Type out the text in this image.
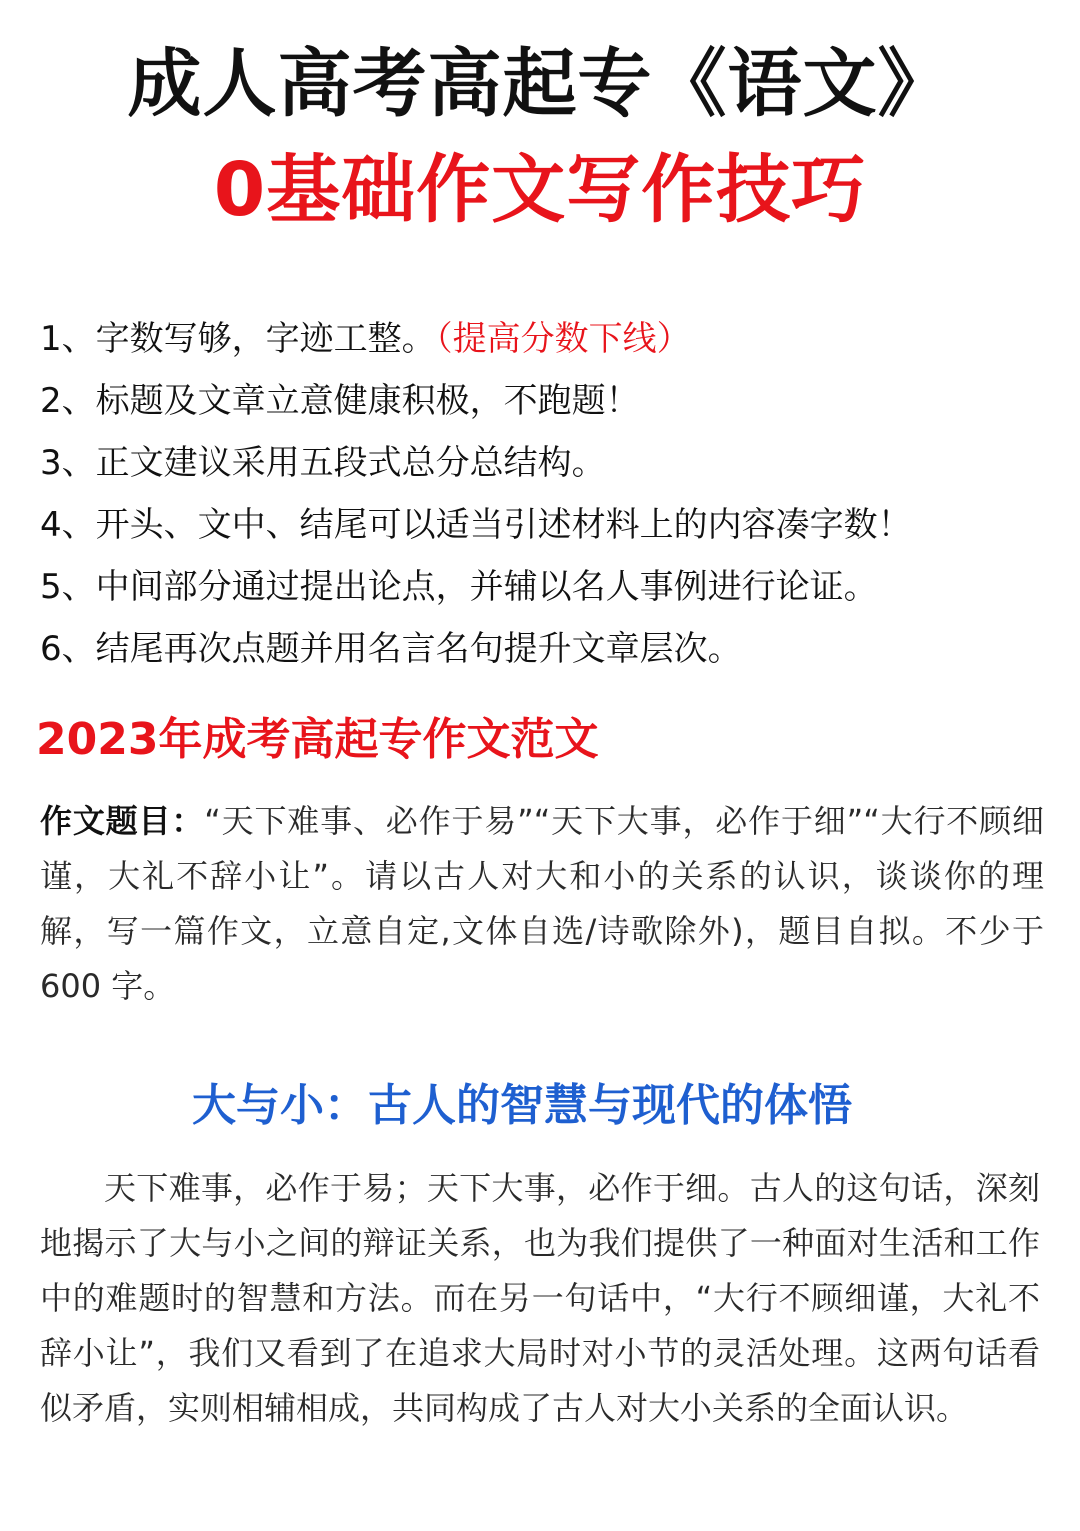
成人高考高起专《语文》
0基础作文写作技巧
1、字数写够，字迹工整。（提高分数下线）
2、标题及文章立意健康积极，不跑题！
3、正文建议采用五段式总分总结构。
4、开头、文中、结尾可以适当引述材料上的内容凑字数！
5、中间部分通过提出论点，并辅以名人事例进行论证。
6、结尾再次点题并用名言名句提升文章层次。
2023年成考高起专作文范文

作文题目：“天下难事、必作于易”“天下大事，必作于细”“大行不顾细谨，大礼不辞小让”。请以古人对大和小的关系的认识，谈谈你的理解，写一篇作文，立意自定,文体自选/诗歌除外)，题目自拟。不少于 600 字。

大与小：古人的智慧与现代的体悟

天下难事，必作于易；天下大事，必作于细。古人的这句话，深刻地揭示了大与小之间的辩证关系，也为我们提供了一种面对生活和工作中的难题时的智慧和方法。而在另一句话中，“大行不顾细谨，大礼不辞小让”，我们又看到了在追求大局时对小节的灵活处理。这两句话看似矛盾，实则相辅相成，共同构成了古人对大小关系的全面认识。
